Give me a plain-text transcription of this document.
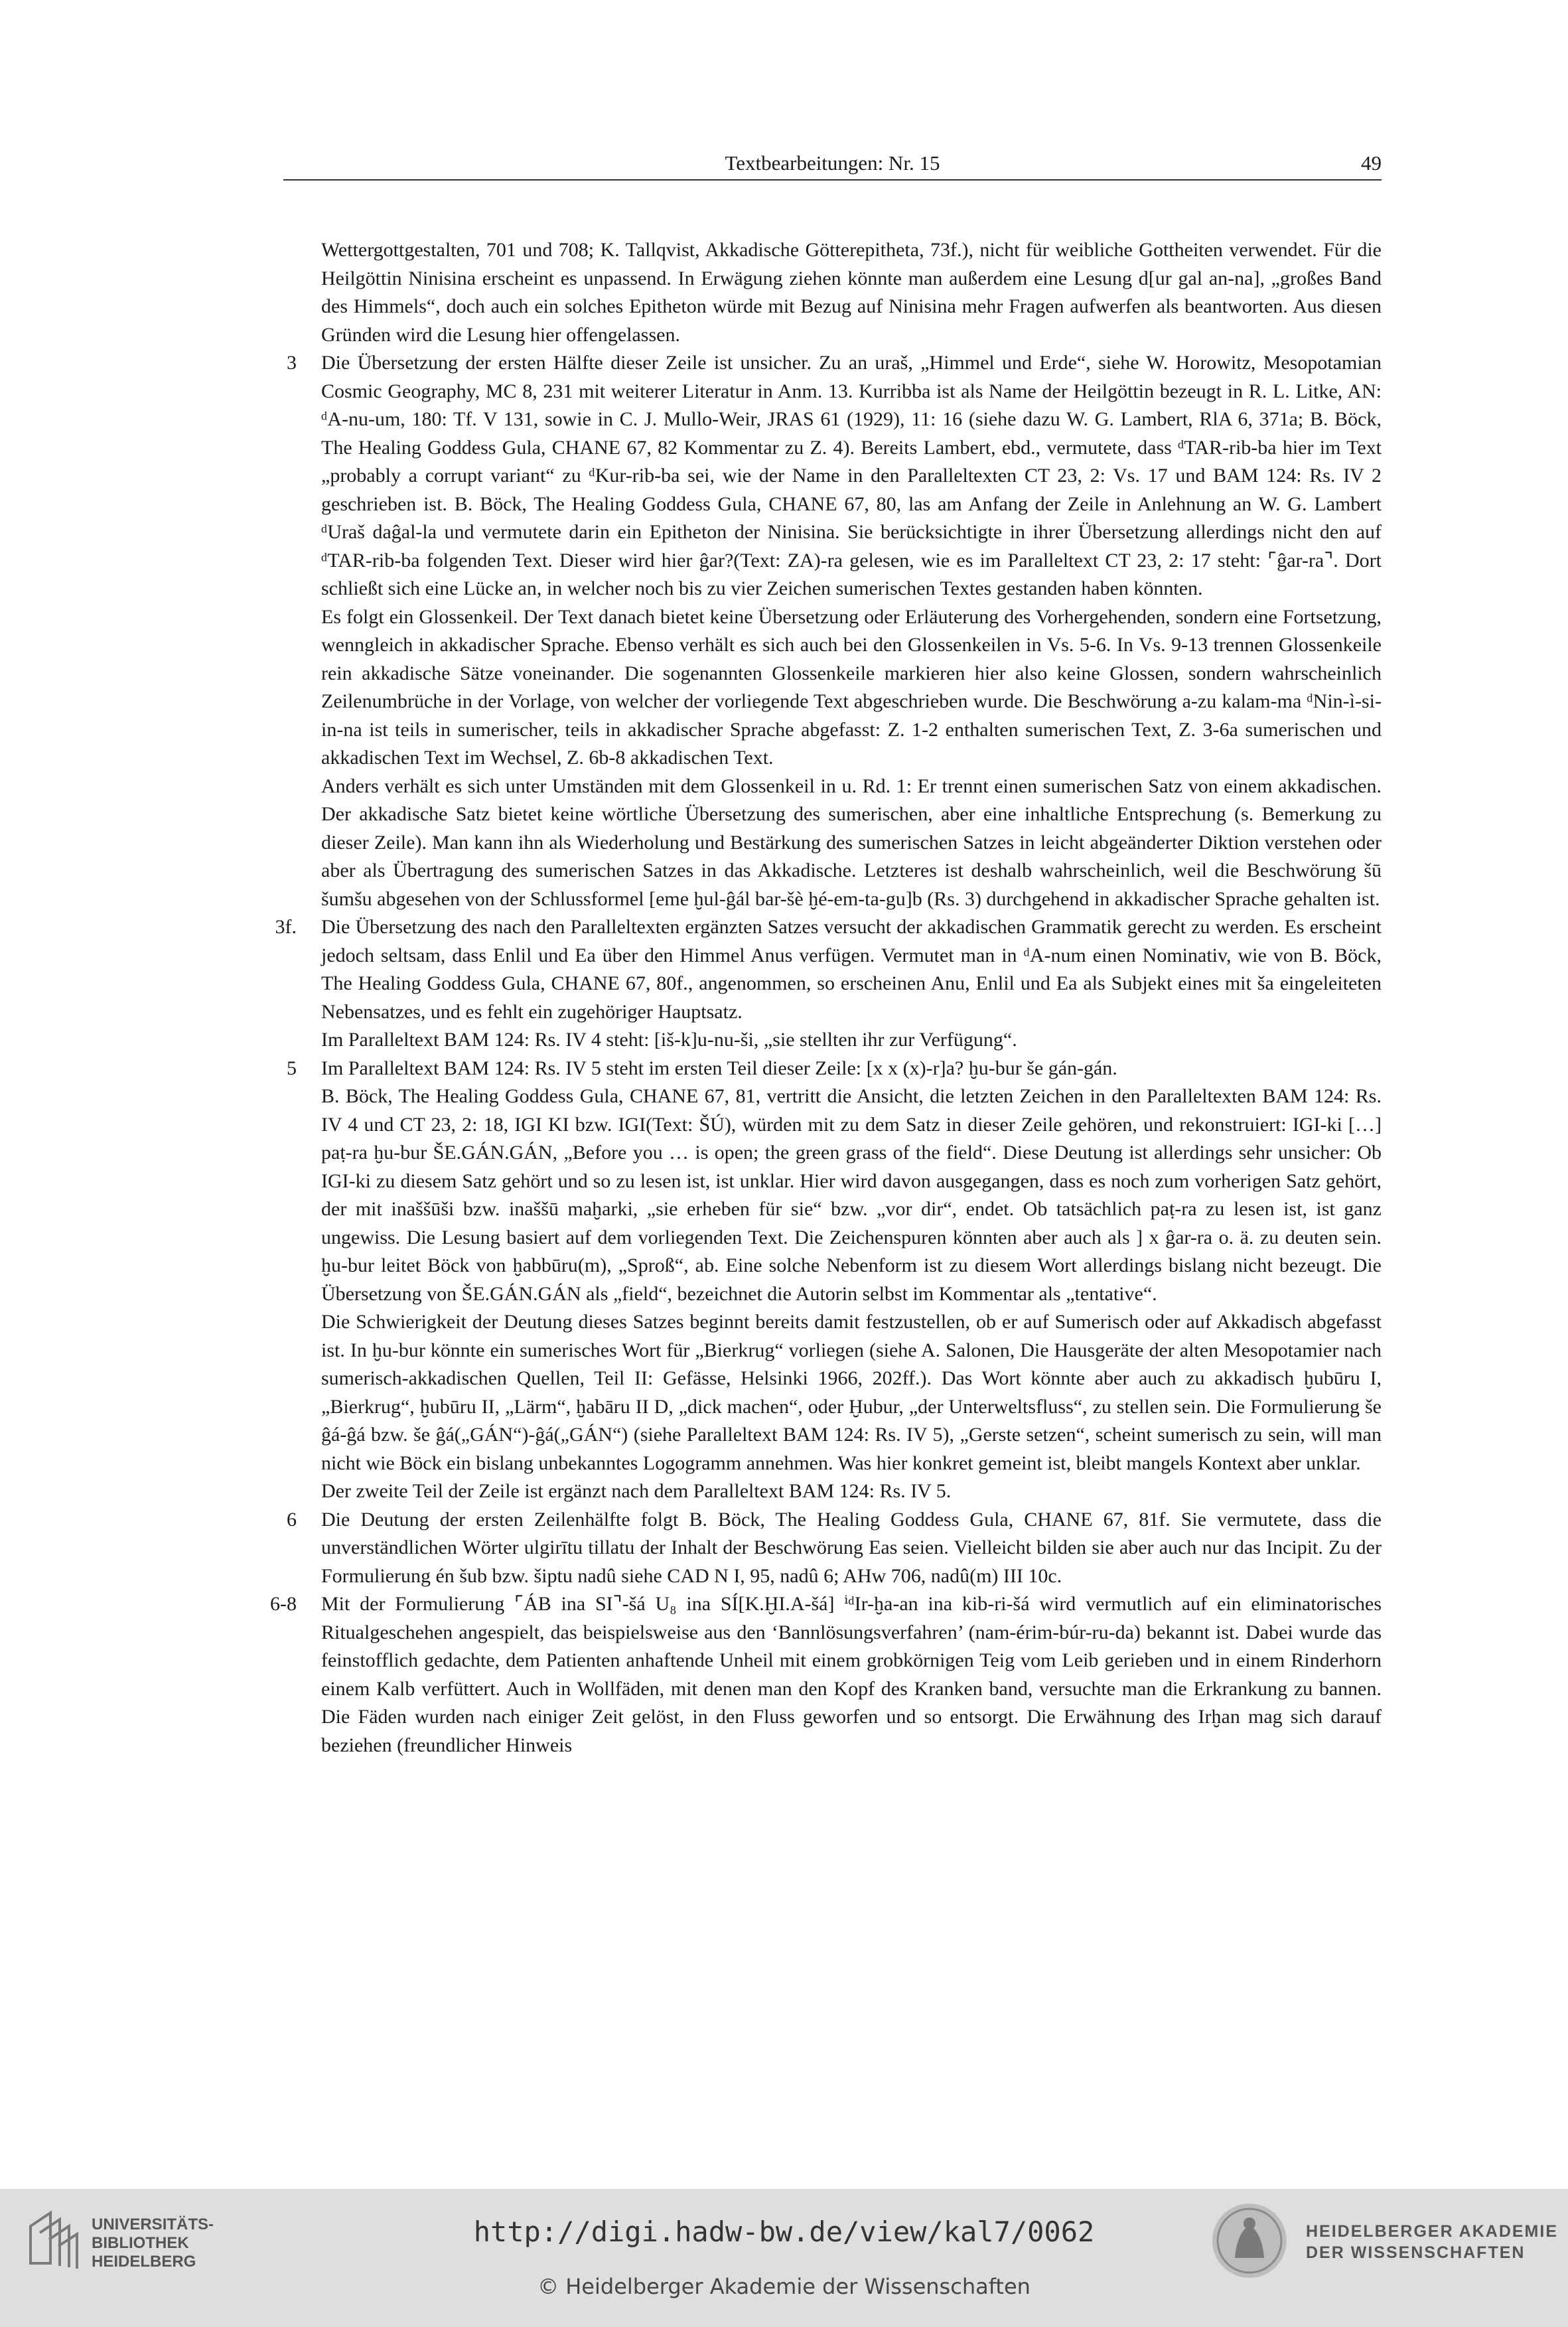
Textbearbeitungen: Nr. 15	49
Wettergottgestalten, 701 und 708; K. Tallqvist, Akkadische Götterepitheta, 73f.), nicht für weibliche Gottheiten verwendet. Für die Heilgöttin Ninisina erscheint es unpassend. In Erwägung ziehen könnte man außerdem eine Lesung d[ur gal an-na], „großes Band des Himmels“, doch auch ein solches Epitheton würde mit Bezug auf Ninisina mehr Fragen aufwerfen als beantworten. Aus diesen Gründen wird die Lesung hier offengelassen.
3 Die Übersetzung der ersten Hälfte dieser Zeile ist unsicher. Zu an uraš, „Himmel und Erde“, siehe W. Horowitz, Mesopotamian Cosmic Geography, MC 8, 231 mit weiterer Literatur in Anm. 13. Kurribba ist als Name der Heilgöttin bezeugt in R. L. Litke, AN: ᵈA-nu-um, 180: Tf. V 131, sowie in C. J. Mullo-Weir, JRAS 61 (1929), 11: 16 (siehe dazu W. G. Lambert, RlA 6, 371a; B. Böck, The Healing Goddess Gula, CHANE 67, 82 Kommentar zu Z. 4). Bereits Lambert, ebd., vermutete, dass ᵈTAR-rib-ba hier im Text „probably a corrupt variant“ zu ᵈKur-rib-ba sei, wie der Name in den Paralleltexten CT 23, 2: Vs. 17 und BAM 124: Rs. IV 2 geschrieben ist. B. Böck, The Healing Goddess Gula, CHANE 67, 80, las am Anfang der Zeile in Anlehnung an W. G. Lambert ᵈUraš daĝal-la und vermutete darin ein Epitheton der Ninisina. Sie berücksichtigte in ihrer Übersetzung allerdings nicht den auf ᵈTAR-rib-ba folgenden Text. Dieser wird hier ĝar?(Text: ZA)-ra gelesen, wie es im Paralleltext CT 23, 2: 17 steht: ⌜ĝar-ra⌝. Dort schließt sich eine Lücke an, in welcher noch bis zu vier Zeichen sumerischen Textes gestanden haben könnten.
Es folgt ein Glossenkeil. Der Text danach bietet keine Übersetzung oder Erläuterung des Vorhergehenden, sondern eine Fortsetzung, wenngleich in akkadischer Sprache. Ebenso verhält es sich auch bei den Glossenkeilen in Vs. 5-6. In Vs. 9-13 trennen Glossenkeile rein akkadische Sätze voneinander. Die sogenannten Glossenkeile markieren hier also keine Glossen, sondern wahrscheinlich Zeilenumbrüche in der Vorlage, von welcher der vorliegende Text abgeschrieben wurde. Die Beschwörung a-zu kalam-ma ᵈNin-ì-si-in-na ist teils in sumerischer, teils in akkadischer Sprache abgefasst: Z. 1-2 enthalten sumerischen Text, Z. 3-6a sumerischen und akkadischen Text im Wechsel, Z. 6b-8 akkadischen Text.
Anders verhält es sich unter Umständen mit dem Glossenkeil in u. Rd. 1: Er trennt einen sumerischen Satz von einem akkadischen. Der akkadische Satz bietet keine wörtliche Übersetzung des sumerischen, aber eine inhaltliche Entsprechung (s. Bemerkung zu dieser Zeile). Man kann ihn als Wiederholung und Bestärkung des sumerischen Satzes in leicht abgeänderter Diktion verstehen oder aber als Übertragung des sumerischen Satzes in das Akkadische. Letzteres ist deshalb wahrscheinlich, weil die Beschwörung šū šumšu abgesehen von der Schlussformel [eme ḫul-ĝál bar-šè ḫé-em-ta-gu]b (Rs. 3) durchgehend in akkadischer Sprache gehalten ist.
3f. Die Übersetzung des nach den Paralleltexten ergänzten Satzes versucht der akkadischen Grammatik gerecht zu werden. Es erscheint jedoch seltsam, dass Enlil und Ea über den Himmel Anus verfügen. Vermutet man in ᵈA-num einen Nominativ, wie von B. Böck, The Healing Goddess Gula, CHANE 67, 80f., angenommen, so erscheinen Anu, Enlil und Ea als Subjekt eines mit ša eingeleiteten Nebensatzes, und es fehlt ein zugehöriger Hauptsatz.
Im Paralleltext BAM 124: Rs. IV 4 steht: [iš-k]u-nu-ši, „sie stellten ihr zur Verfügung“.
5 Im Paralleltext BAM 124: Rs. IV 5 steht im ersten Teil dieser Zeile: [x x (x)-r]a? ḫu-bur še gán-gán.
B. Böck, The Healing Goddess Gula, CHANE 67, 81, vertritt die Ansicht, die letzten Zeichen in den Paralleltexten BAM 124: Rs. IV 4 und CT 23, 2: 18, IGI KI bzw. IGI(Text: ŠÚ), würden mit zu dem Satz in dieser Zeile gehören, und rekonstruiert: IGI-ki […] paṭ-ra ḫu-bur ŠE.GÁN.GÁN, „Before you … is open; the green grass of the field“. Diese Deutung ist allerdings sehr unsicher: Ob IGI-ki zu diesem Satz gehört und so zu lesen ist, ist unklar. Hier wird davon ausgegangen, dass es noch zum vorherigen Satz gehört, der mit inaššūši bzw. inaššū maḫarki, „sie erheben für sie“ bzw. „vor dir“, endet. Ob tatsächlich paṭ-ra zu lesen ist, ist ganz ungewiss. Die Lesung basiert auf dem vorliegenden Text. Die Zeichenspuren könnten aber auch als ] x ĝar-ra o. ä. zu deuten sein. ḫu-bur leitet Böck von ḫabbūru(m), „Sproß“, ab. Eine solche Nebenform ist zu diesem Wort allerdings bislang nicht bezeugt. Die Übersetzung von ŠE.GÁN.GÁN als „field“, bezeichnet die Autorin selbst im Kommentar als „tentative“.
Die Schwierigkeit der Deutung dieses Satzes beginnt bereits damit festzustellen, ob er auf Sumerisch oder auf Akkadisch abgefasst ist. In ḫu-bur könnte ein sumerisches Wort für „Bierkrug“ vorliegen (siehe A. Salonen, Die Hausgeräte der alten Mesopotamier nach sumerisch-akkadischen Quellen, Teil II: Gefässe, Helsinki 1966, 202ff.). Das Wort könnte aber auch zu akkadisch ḫubūru I, „Bierkrug“, ḫubūru II, „Lärm“, ḫabāru II D, „dick machen“, oder Ḫubur, „der Unterweltsfluss“, zu stellen sein. Die Formulierung še ĝá-ĝá bzw. še ĝá(„GÁN“)-ĝá(„GÁN“) (siehe Paralleltext BAM 124: Rs. IV 5), „Gerste setzen“, scheint sumerisch zu sein, will man nicht wie Böck ein bislang unbekanntes Logogramm annehmen. Was hier konkret gemeint ist, bleibt mangels Kontext aber unklar.
Der zweite Teil der Zeile ist ergänzt nach dem Paralleltext BAM 124: Rs. IV 5.
6 Die Deutung der ersten Zeilenhälfte folgt B. Böck, The Healing Goddess Gula, CHANE 67, 81f. Sie vermutete, dass die unverständlichen Wörter ulgirītu tillatu der Inhalt der Beschwörung Eas seien. Vielleicht bilden sie aber auch nur das Incipit. Zu der Formulierung én šub bzw. šiptu nadû siehe CAD N I, 95, nadû 6; AHw 706, nadû(m) III 10c.
6-8 Mit der Formulierung ⌜ÁB ina SI⌝-šá U₈ ina SÍ[K.ḪI.A-šá] ⁱᵈIr-ḫa-an ina kib-ri-šá wird vermutlich auf ein eliminatorisches Ritualgeschehen angespielt, das beispielsweise aus den ‘Bannlösungsverfahren’ (nam-érim-búr-ru-da) bekannt ist. Dabei wurde das feinstofflich gedachte, dem Patienten anhaftende Unheil mit einem grobkörnigen Teig vom Leib gerieben und in einem Rinderhorn einem Kalb verfüttert. Auch in Wollfäden, mit denen man den Kopf des Kranken band, versuchte man die Erkrankung zu bannen. Die Fäden wurden nach einiger Zeit gelöst, in den Fluss geworfen und so entsorgt. Die Erwähnung des Irḫan mag sich darauf beziehen (freundlicher Hinweis
UNIVERSITÄTS-
BIBLIOTHEK
HEIDELBERG
http://digi.hadw-bw.de/view/kal7/0062
© Heidelberger Akademie der Wissenschaften
HEIDELBERGER AKADEMIE
DER WISSENSCHAFTEN
